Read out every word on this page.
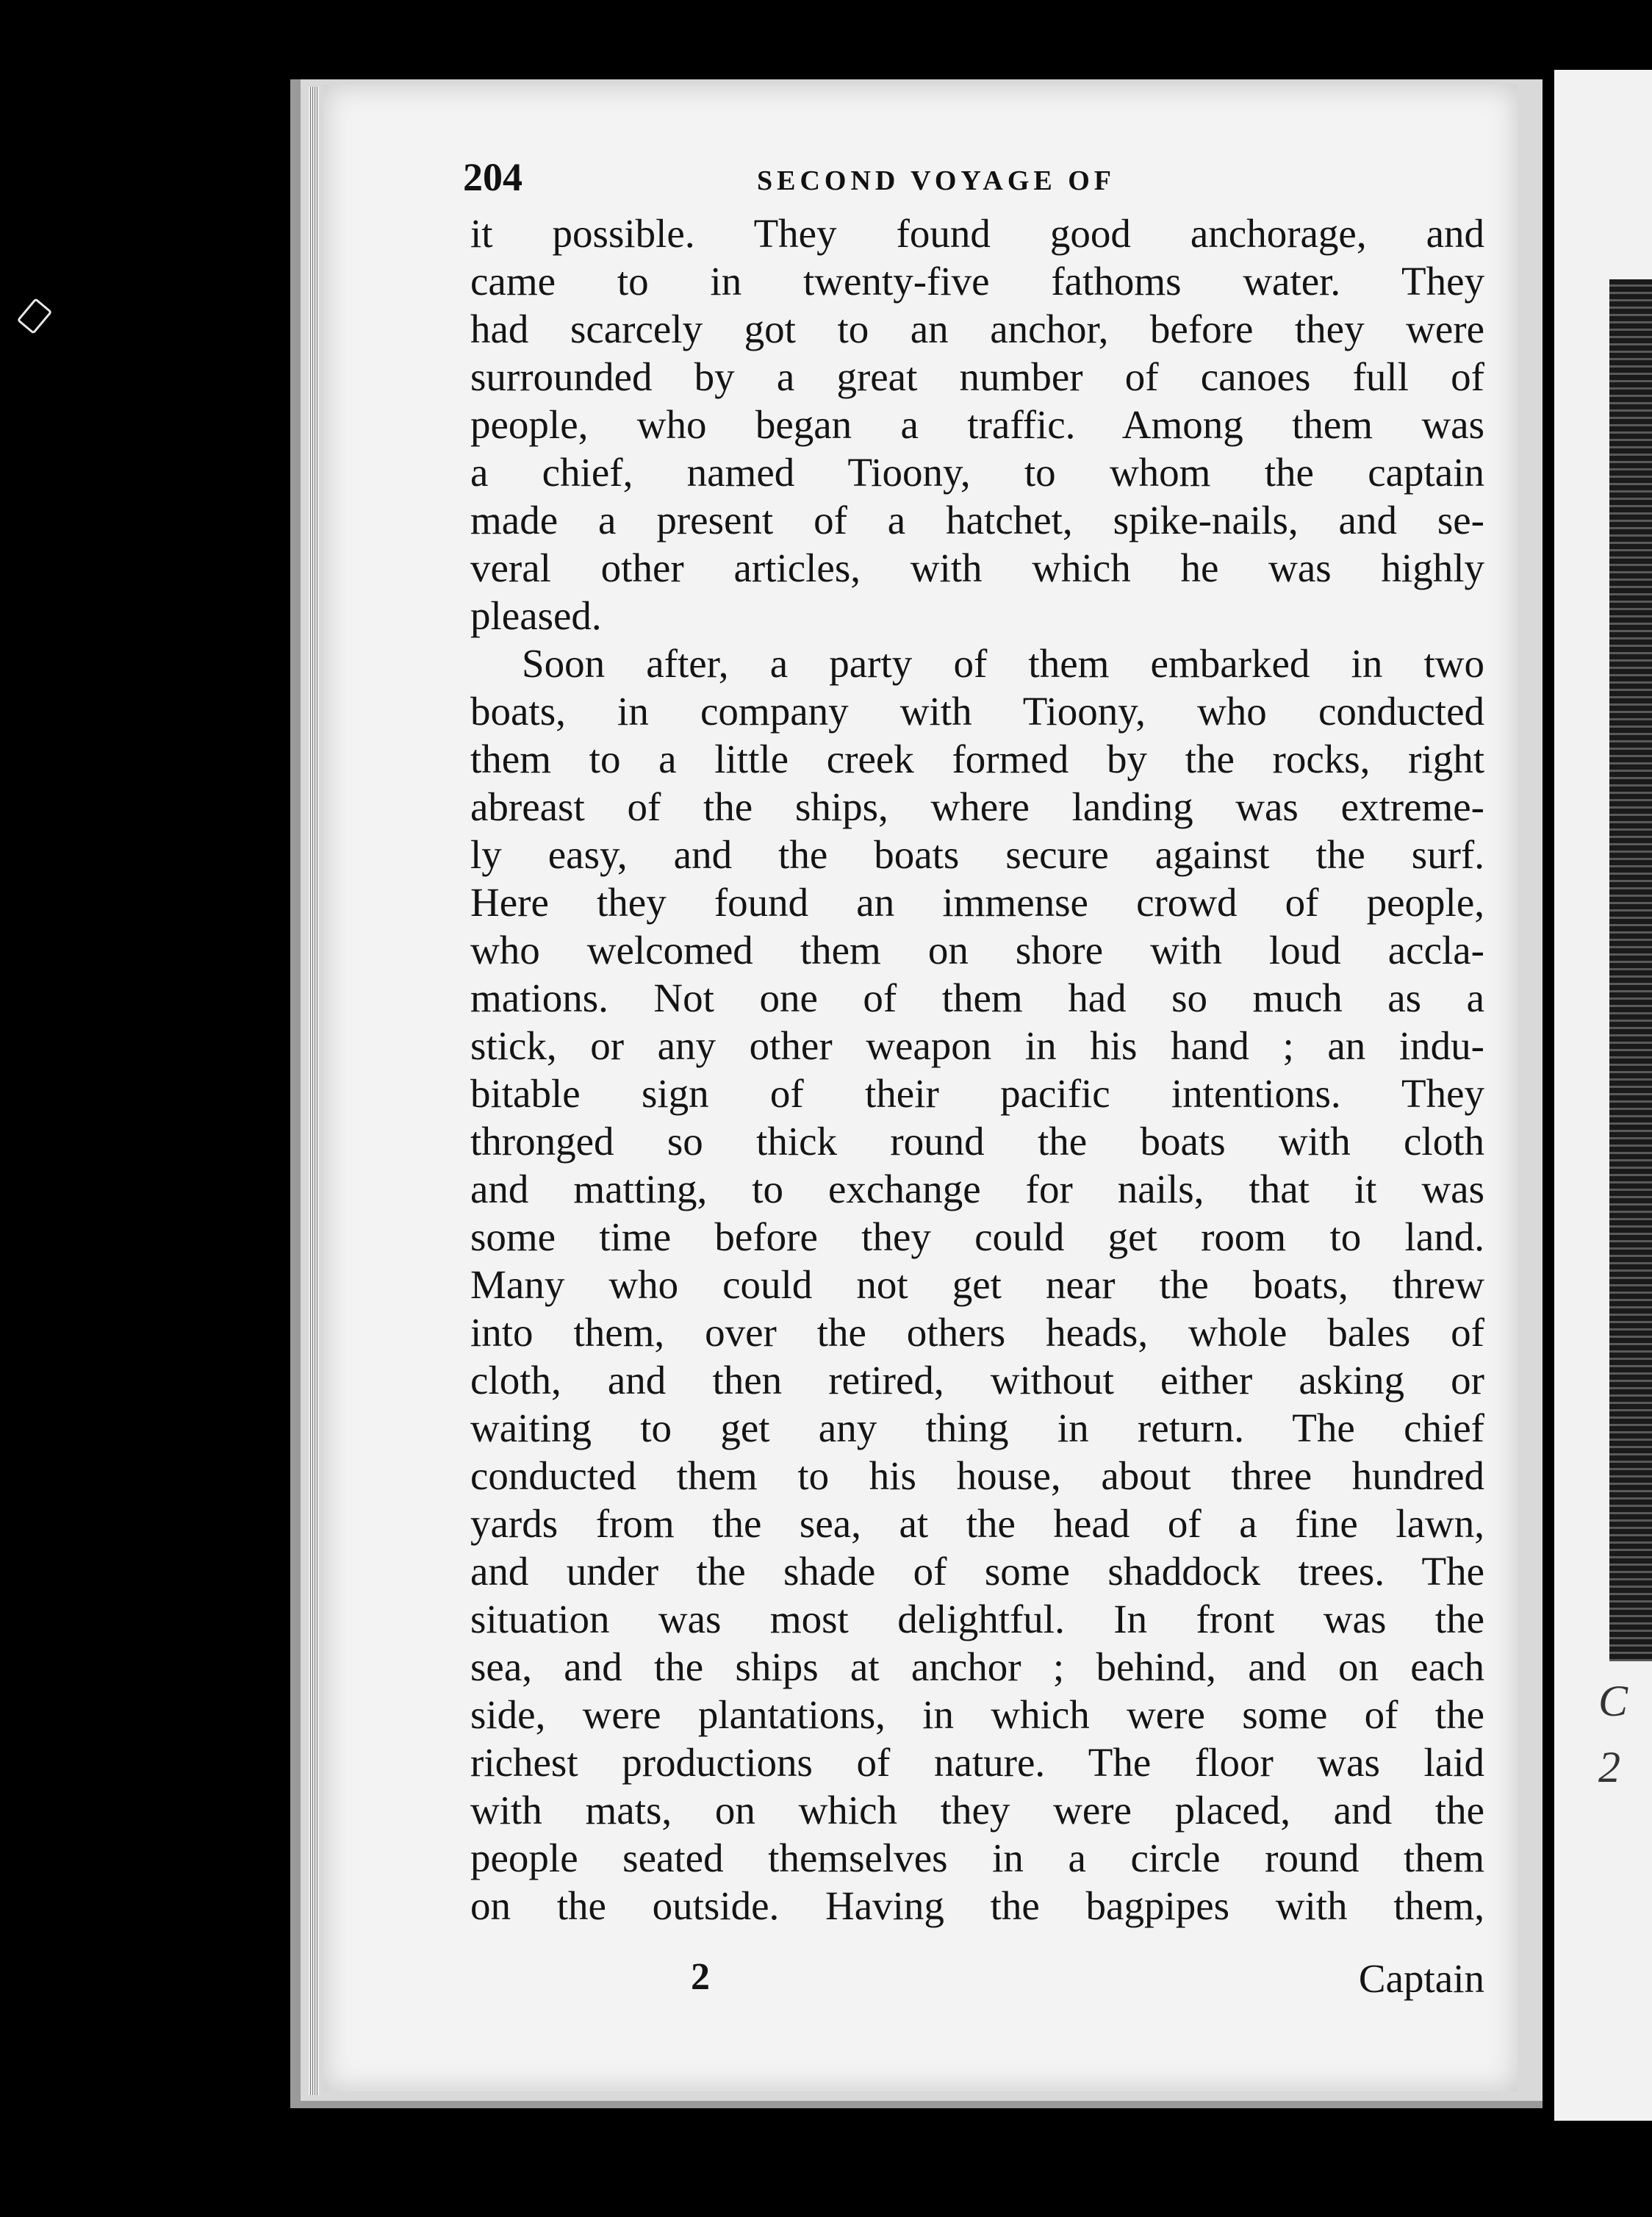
204	SECOND VOYAGE OF
it possible. They found good anchorage, and
came to in twenty-five fathoms water. They
had scarcely got to an anchor, before they were
surrounded by a great number of canoes full of
people, who began a traffic. Among them was
a chief, named Tioony, to whom the captain
made a present of a hatchet, spike-nails, and se-
veral other articles, with which he was highly
pleased.
Soon after, a party of them embarked in two
boats, in company with Tioony, who conducted
them to a little creek formed by the rocks, right
abreast of the ships, where landing was extreme-
ly easy, and the boats secure against the surf.
Here they found an immense crowd of people,
who welcomed them on shore with loud accla-
mations. Not one of them had so much as a
stick, or any other weapon in his hand ; an indu-
bitable sign of their pacific intentions. They
thronged so thick round the boats with cloth
and matting, to exchange for nails, that it was
some time before they could get room to land.
Many who could not get near the boats, threw
into them, over the others heads, whole bales of
cloth, and then retired, without either asking or
waiting to get any thing in return. The chief
conducted them to his house, about three hundred
yards from the sea, at the head of a fine lawn,
and under the shade of some shaddock trees. The
situation was most delightful. In front was the
sea, and the ships at anchor ; behind, and on each
side, were plantations, in which were some of the
richest productions of nature. The floor was laid
with mats, on which they were placed, and the
people seated themselves in a circle round them
on the outside. Having the bagpipes with them,
2	Captain
C
2
